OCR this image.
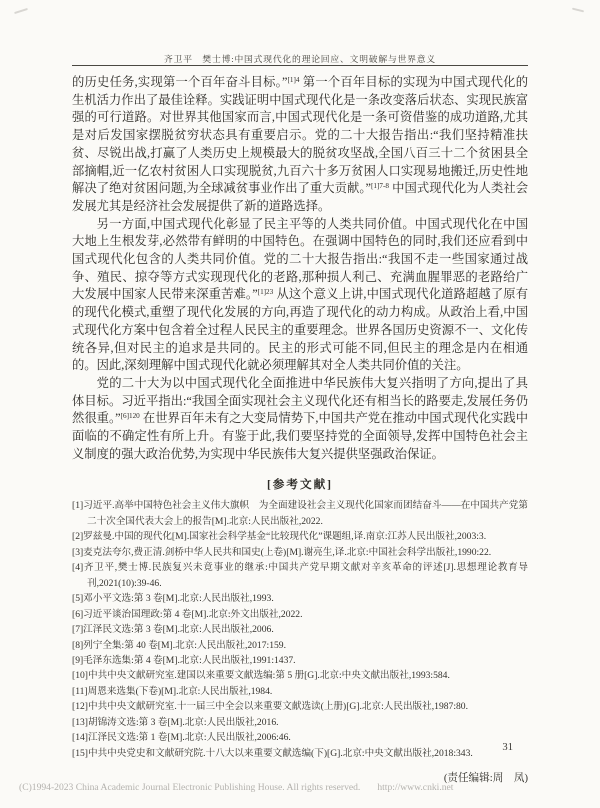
齐卫平　樊士博:中国式现代化的理论回应、文明破解与世界意义

的历史任务,实现第一个百年奋斗目标。”$^{[1]4}$ 第一个百年目标的实现为中国式现代化的生机活力作出了最佳诠释。实践证明中国式现代化是一条改变落后状态、实现民族富强的可行道路。对世界其他国家而言,中国式现代化是一条可资借鉴的成功道路,尤其是对后发国家摆脱贫穷状态具有重要启示。党的二十大报告指出:“我们坚持精准扶贫、尽锐出战,打赢了人类历史上规模最大的脱贫攻坚战,全国八百三十二个贫困县全部摘帽,近一亿农村贫困人口实现脱贫,九百六十多万贫困人口实现易地搬迁,历史性地解决了绝对贫困问题,为全球减贫事业作出了重大贡献。”$^{[1]7-8}$ 中国式现代化为人类社会发展尤其是经济社会发展提供了新的道路选择。

另一方面,中国式现代化彰显了民主平等的人类共同价值。中国式现代化在中国大地上生根发芽,必然带有鲜明的中国特色。在强调中国特色的同时,我们还应看到中国式现代化包含的人类共同价值。党的二十大报告指出:“我国不走一些国家通过战争、殖民、掠夺等方式实现现代化的老路,那种损人利己、充满血腥罪恶的老路给广大发展中国家人民带来深重苦难。”$^{[1]23}$ 从这个意义上讲,中国式现代化道路超越了原有的现代化模式,重塑了现代化发展的方向,再造了现代化的动力构成。从政治上看,中国式现代化方案中包含着全过程人民民主的重要理念。世界各国历史资源不一、文化传统各异,但对民主的追求是共同的。民主的形式可能不同,但民主的理念是内在相通的。因此,深刻理解中国式现代化就必须理解其对全人类共同价值的关注。

党的二十大为以中国式现代化全面推进中华民族伟大复兴指明了方向,提出了具体目标。习近平指出:“我国全面实现社会主义现代化还有相当长的路要走,发展任务仍然很重。”$^{[6]120}$ 在世界百年未有之大变局情势下,中国共产党在推动中国式现代化实践中面临的不确定性有所上升。有鉴于此,我们要坚持党的全面领导,发挥中国特色社会主义制度的强大政治优势,为实现中华民族伟大复兴提供坚强政治保证。

[参考文献]

[1]习近平.高举中国特色社会主义伟大旗帜　为全面建设社会主义现代化国家而团结奋斗——在中国共产党第二十次全国代表大会上的报告[M].北京:人民出版社,2022.

[2]罗兹曼.中国的现代化[M].国家社会科学基金“比较现代化”课题组,译.南京:江苏人民出版社,2003:3.

[3]麦克法夸尔,费正清.剑桥中华人民共和国史(上卷)[M].谢亮生,译.北京:中国社会科学出版社,1990:22.

[4]齐卫平,樊士博.民族复兴未竟事业的继承:中国共产党早期文献对辛亥革命的评述[J].思想理论教育导刊,2021(10):39-46.

[5]邓小平文选:第 3 卷[M].北京:人民出版社,1993.

[6]习近平谈治国理政:第 4 卷[M].北京:外文出版社,2022.

[7]江泽民文选:第 3 卷[M].北京:人民出版社,2006.

[8]列宁全集:第 40 卷[M].北京:人民出版社,2017:159.

[9]毛泽东选集:第 4 卷[M].北京:人民出版社,1991:1437.

[10]中共中央文献研究室.建国以来重要文献选编:第 5 册[G].北京:中央文献出版社,1993:584.

[11]周恩来选集(下卷)[M].北京:人民出版社,1984.

[12]中共中央文献研究室.十一届三中全会以来重要文献选读(上册)[G].北京:人民出版社,1987:80.

[13]胡锦涛文选:第 3 卷[M].北京:人民出版社,2016.

[14]江泽民文选:第 1 卷[M].北京:人民出版社,2006:46.

[15]中共中央党史和文献研究院.十八大以来重要文献选编(下)[G].北京:中央文献出版社,2018:343.

(责任编辑:周　凤)
31
(C)1994-2023 China Academic Journal Electronic Publishing House. All rights reserved. http://www.cnki.net
